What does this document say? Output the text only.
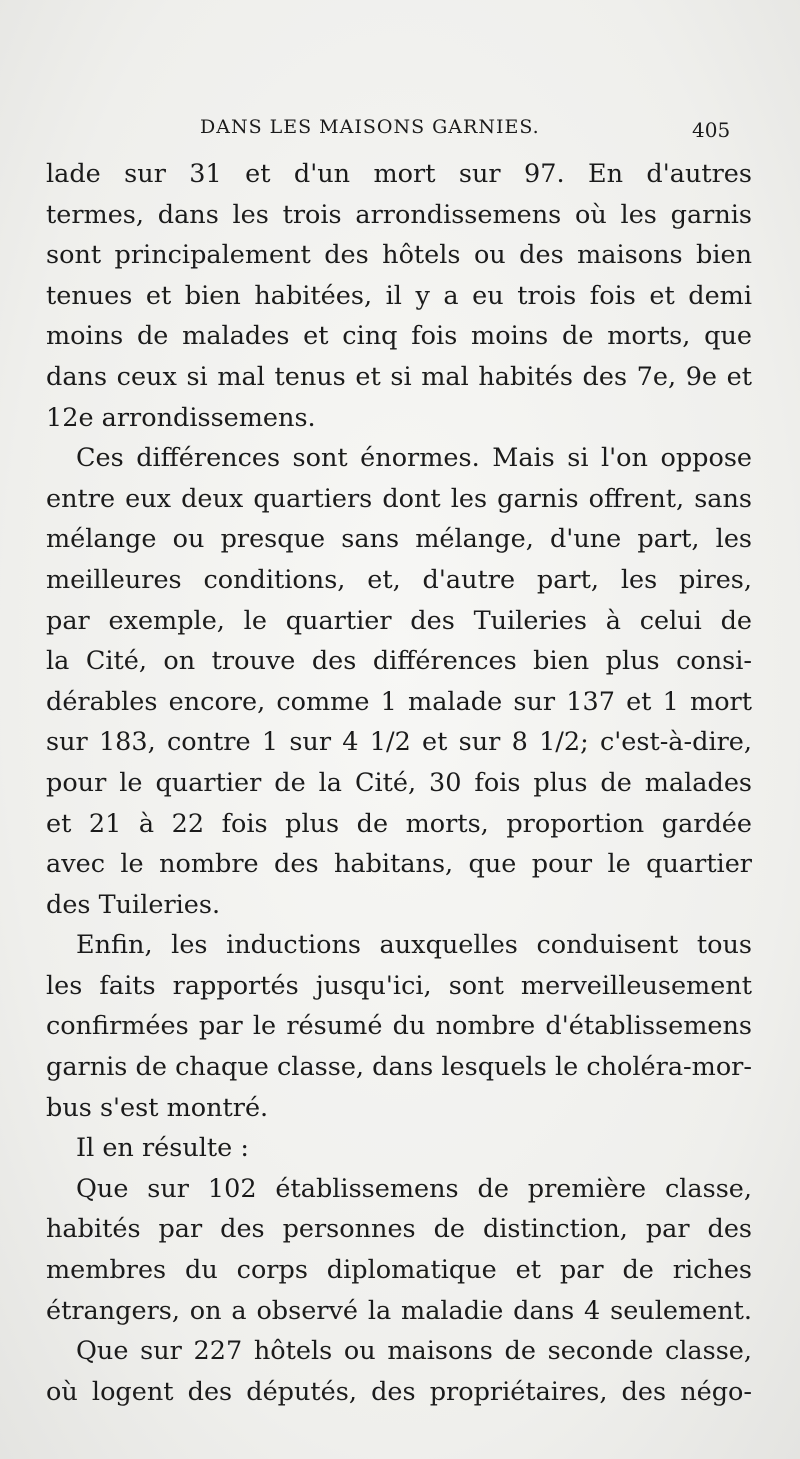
DANS LES MAISONS GARNIES.	405
lade sur 31 et d'un mort sur 97. En d'autres
termes, dans les trois arrondissemens où les garnis
sont principalement des hôtels ou des maisons bien
tenues et bien habitées, il y a eu trois fois et demi
moins de malades et cinq fois moins de morts, que
dans ceux si mal tenus et si mal habités des 7e, 9e et
12e arrondissemens.
Ces différences sont énormes. Mais si l'on oppose
entre eux deux quartiers dont les garnis offrent, sans
mélange ou presque sans mélange, d'une part, les
meilleures conditions, et, d'autre part, les pires,
par exemple, le quartier des Tuileries à celui de
la Cité, on trouve des différences bien plus consi-
dérables encore, comme 1 malade sur 137 et 1 mort
sur 183, contre 1 sur 4 1/2 et sur 8 1/2; c'est-à-dire,
pour le quartier de la Cité, 30 fois plus de malades
et 21 à 22 fois plus de morts, proportion gardée
avec le nombre des habitans, que pour le quartier
des Tuileries.
Enfin, les inductions auxquelles conduisent tous
les faits rapportés jusqu'ici, sont merveilleusement
confirmées par le résumé du nombre d'établissemens
garnis de chaque classe, dans lesquels le choléra-mor-
bus s'est montré.
Il en résulte :
Que sur 102 établissemens de première classe,
habités par des personnes de distinction, par des
membres du corps diplomatique et par de riches
étrangers, on a observé la maladie dans 4 seulement.
Que sur 227 hôtels ou maisons de seconde classe,
où logent des députés, des propriétaires, des négo-
